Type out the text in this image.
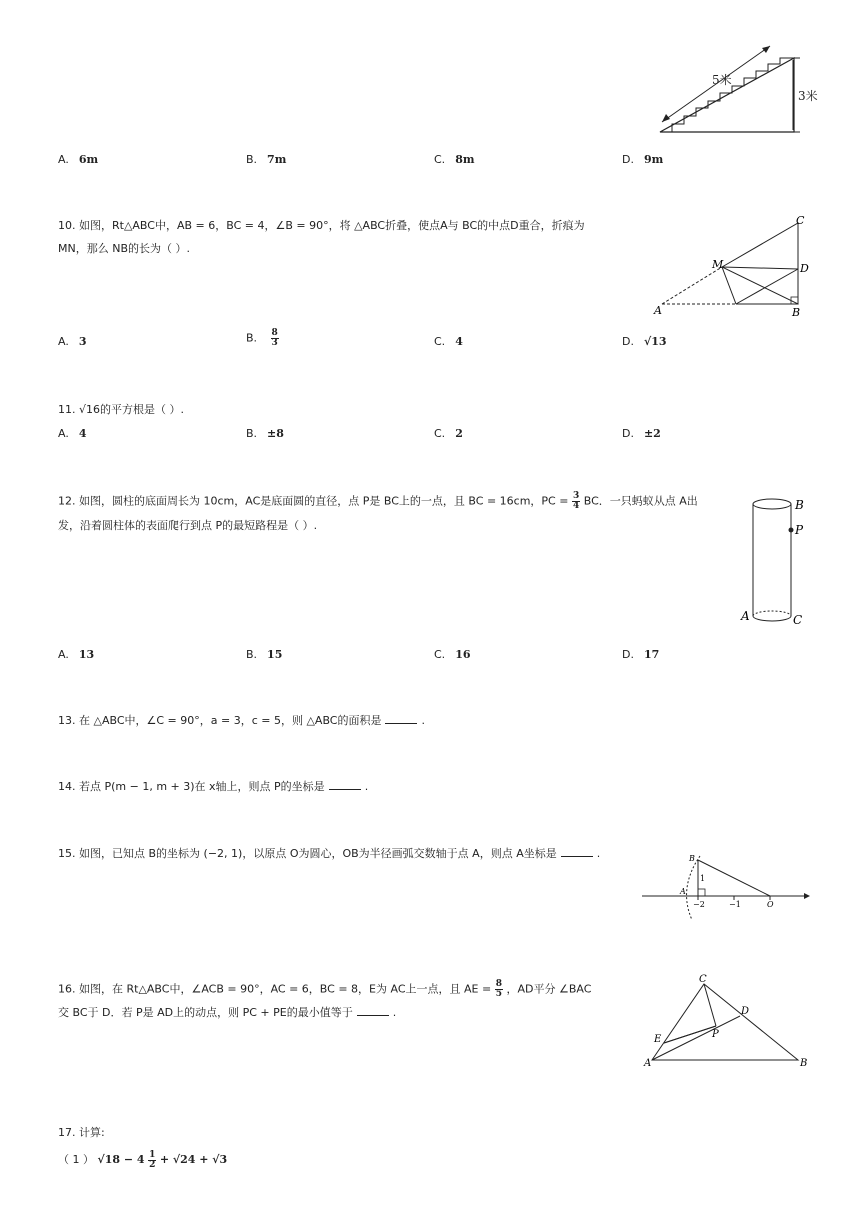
5米
3米
A. 6m	B. 7m	C. 8m	D. 9m
10. 如图，Rt△ABC中，AB = 6，BC = 4，∠B = 90°，将 △ABC折叠，使点A与 BC的中点D重合，折痕为
MN，那么 NB的长为（ ）.
C
M	D
A	B
A. 3	B. $\frac{8}{3}$	C. 4	D. √13
11. √16的平方根是（ ）.
A. 4	B. ±8	C. 2	D. ±2
12. 如图，圆柱的底面周长为 10cm，AC是底面圆的直径，点 P是 BC上的一点，且 BC = 16cm，PC = $\frac{3}{4}$ BC．一只蚂蚁从点 A出
发，沿着圆柱体的表面爬行到点 P的最短路程是（ ）.
B
P
A	C
A. 13	B. 15	C. 16	D. 17
13. 在 △ABC中，∠C = 90°，a = 3，c = 5，则 △ABC的面积是	.
14. 若点 P(m − 1, m + 3)在 x轴上，则点 P的坐标是	.
15. 如图，已知点 B的坐标为 (−2, 1)，以原点 O为圆心，OB为半径画弧交数轴于点 A，则点 A坐标是	.	B
1
A
−2	−1	O
16. 如图，在 Rt△ABC中，∠ACB = 90°，AC = 6，BC = 8，E为 AC上一点，且 AE = $\frac{8}{5}$ ，AD平分 ∠BAC
交 BC于 D．若 P是 AD上的动点，则 PC + PE的最小值等于	.
C
D
E	P
A	B
17. 计算:
（ 1 ） $√18 - 4 \frac{1}{2} + √24 + √3$
